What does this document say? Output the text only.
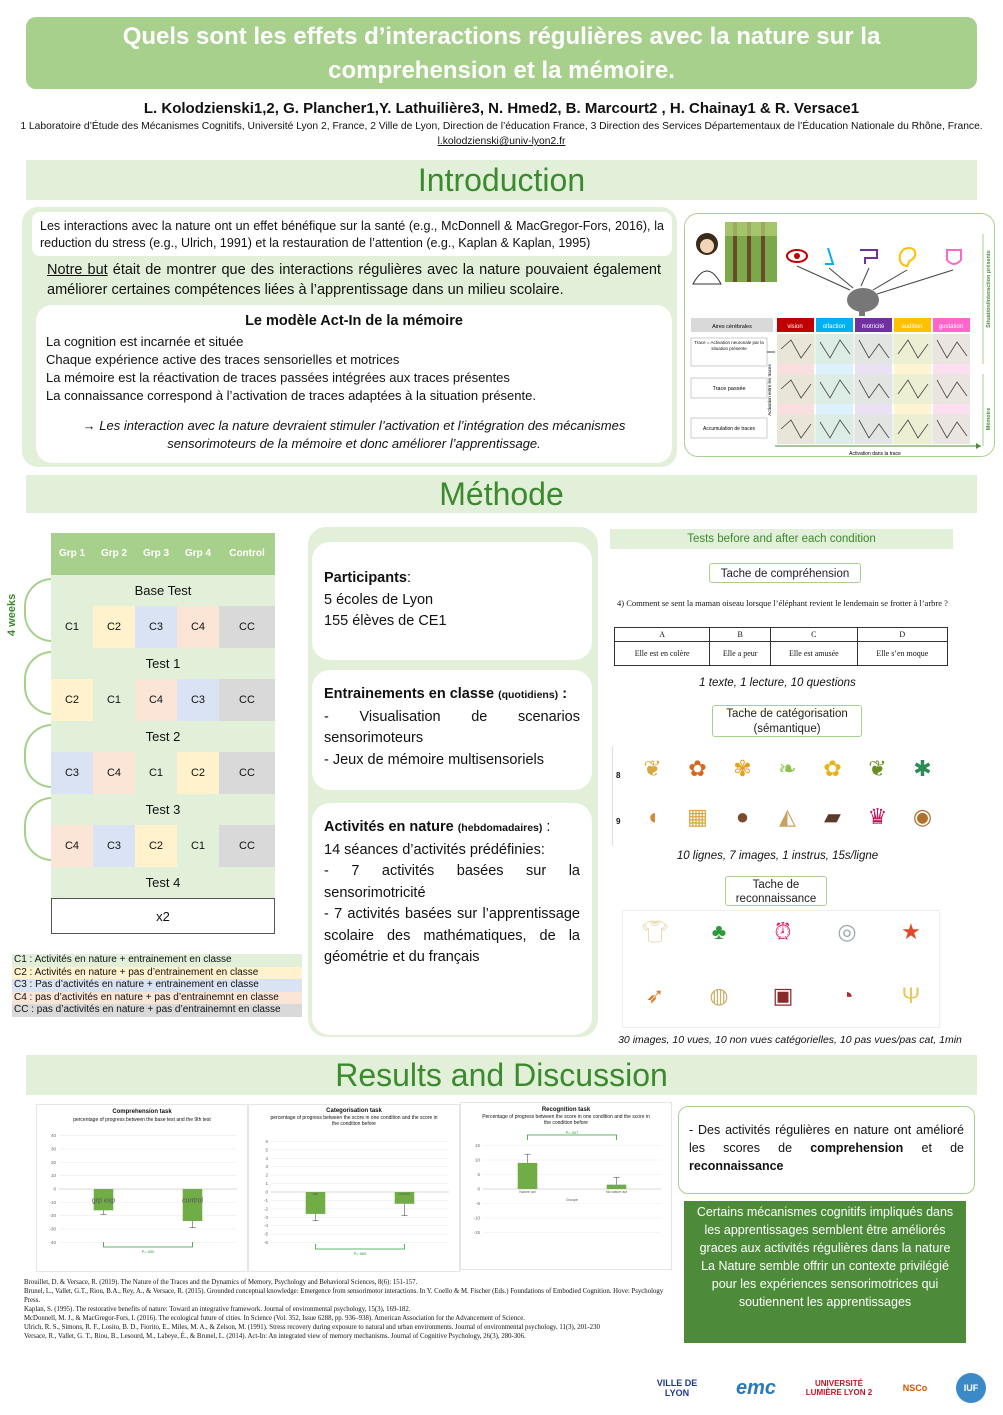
Quels sont les effets d’interactions régulières avec la nature sur la
comprehension et la mémoire.
L. Kolodzienski1,2, G. Plancher1,Y. Lathuilière3, N. Hmed2, B. Marcourt2 , H. Chainay1 & R. Versace1
1 Laboratoire d’Étude des Mécanismes Cognitifs, Université Lyon 2, France, 2 Ville de Lyon, Direction de l’éducation France, 3 Direction des Services Départementaux de l’Éducation Nationale du Rhône, France.
l.kolodzienski@univ-lyon2.fr
Introduction
Les interactions avec la nature ont un effet bénéfique sur la santé (e.g., McDonnell & MacGregor-Fors, 2016), la reduction du stress (e.g., Ulrich, 1991) et la restauration de l’attention (e.g., Kaplan & Kaplan, 1995)
Notre but était de montrer que des interactions régulières avec la nature pouvaient également améliorer certaines compétences liées à l’apprentissage dans un milieu scolaire.
Le modèle Act-In de la mémoire
La cognition est incarnée et située
Chaque expérience active des traces sensorielles et motrices
La mémoire est la réactivation de traces passées intégrées aux traces présentes
La connaissance correspond à l’activation de traces adaptées à la situation présente.
→ Les interaction avec la nature devraient stimuler l’activation et l’intégration des mécanismes sensorimoteurs de la mémoire et donc améliorer l’apprentissage.
vision	olfaction	motricité	audition	gustation
Aires cérébrales
Trace = Activation neuronale par la situation présente
Trace passée
Accumulation de traces
Activation dans la trace
Activation entre les traces
Situation/interaction présente
Mémoire
Méthode
4 weeks
Grp 1	Grp 2	Grp 3	Grp 4	Control
Base Test
C1	C2	C3	C4	CC
Test 1
C2	C1	C4	C3	CC
Test 2
C3	C4	C1	C2	CC
Test 3
C4	C3	C2	C1	CC
Test 4
x2
C1 : Activités en nature + entrainement en classe
C2 : Activités en nature + pas d’entrainement en classe
C3 : Pas d’activités en nature + entrainement en classe
C4 : pas d’activités en nature + pas d’entrainemnt en classe
CC : pas d’activités en nature + pas d’entrainemnt en classe
Participants:
5 écoles de Lyon
155 élèves de CE1
Entrainements en classe (quotidiens) :
- Visualisation de scenarios sensorimoteurs
- Jeux de mémoire multisensoriels
Activités en nature (hebdomadaires) :
14 séances d’activités prédéfinies:
- 7 activités basées sur la sensorimotricité
- 7 activités basées sur l’apprentissage scolaire des mathématiques, de la géométrie et du français
Tests before and after each condition
Tache de compréhension
4) Comment se sent la maman oiseau lorsque l’éléphant revient le lendemain se frotter à l’arbre ?
A	B	C	D
Elle est en colère	Elle a peur	Elle est amusée	Elle s’en moque
1 texte, 1 lecture, 10 questions
Tache de catégorisation (sémantique)
8
9
❦	✿	✾	❧	✿	❦	✱
◖	▦	●	◭	▰	♛	◉
10 lignes, 7 images, 1 instrus, 15s/ligne
Tache de reconnaissance
👕︎	♣	⏰︎	◎	★
➶	◍	▣	◔	Ψ
30 images, 10 vues, 10 non vues catégorielles, 10 pas vues/pas cat, 1min
Results and Discussion
Comprehension task
percentage of progress between the base test and the 9th test
40
30
20
10
0
-10
-20
-30
-40
grp exp	control
P=.000
Categorisation task
percentage of progress between the score in one condition and the score in the condition before
6
5
4
3
2
1
0
-1
-2
-3
-4
-5
-6
exp	control
P=.569
Recognition task
Percentage of progress between the score in one condition and the score in the condition before
15
10
5
0
-5
-10
-15
Nature act	No nature act
P=.007
Groupe
- Des activités régulières en nature ont amélioré les scores de comprehension et de reconnaissance
Certains mécanismes cognitifs impliqués dans les apprentissages semblent être améliorés graces aux activités régulières dans la nature La Nature semble offrir un contexte privilégié pour les expériences sensorimotrices qui soutiennent les apprentissages
Brouillet, D. & Versace, R. (2019). The Nature of the Traces and the Dynamics of Memory, Psychology and Behavioral Sciences, 8(6): 151-157.
Brunel, L., Vallet, G.T., Riou, B.A., Rey, A., & Versace, R. (2015). Grounded conceptual knowledge: Emergence from sensorimotor interactions. In Y. Coello & M. Fischer (Eds.) Foundations of Embodied Cognition. Hove: Psychology Press.
Kaplan, S. (1995). The restorative benefits of nature: Toward an integrative framework. Journal of environmental psychology, 15(3), 169-182.
McDonnell, M. J., & MacGregor-Fors, I. (2016). The ecological future of cities. In Science (Vol. 352, Issue 6288, pp. 936–938). American Association for the Advancement of Science.
Ulrich, R. S., Simons, R. F., Losito, B. D., Fiorito, E., Miles, M. A., & Zelson, M. (1991). Stress recovery during exposure to natural and urban environments. Journal of environmental psychology, 11(3), 201-230
Versace, R., Vallet, G. T., Riou, B., Lesourd, M., Labeye, É., & Brunel, L. (2014). Act-In: An integrated view of memory mechanisms. Journal of Cognitive Psychology, 26(3), 280-306.
VILLE DE LYON	emc	UNIVERSITÉ LUMIÈRE LYON 2	NSCo	IUF
